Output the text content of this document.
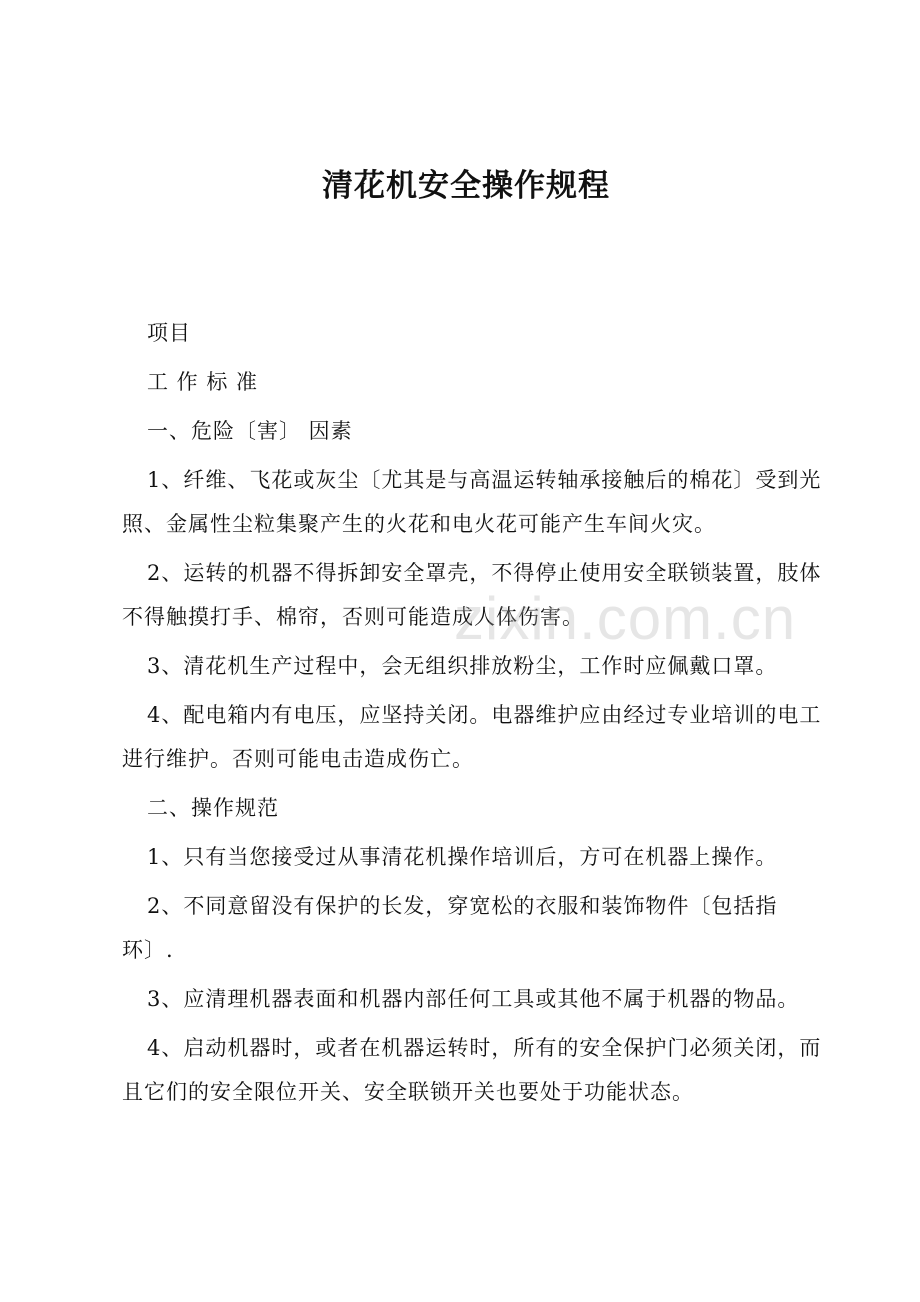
清花机安全操作规程

项目

工 作 标 准

一、危险〔害〕 因素

1、纤维、飞花或灰尘〔尤其是与高温运转轴承接触后的棉花〕受到光照、金属性尘粒集聚产生的火花和电火花可能产生车间火灾。

2、运转的机器不得拆卸安全罩壳，不得停止使用安全联锁装置，肢体不得触摸打手、棉帘，否则可能造成人体伤害。

3、清花机生产过程中，会无组织排放粉尘，工作时应佩戴口罩。

4、配电箱内有电压，应坚持关闭。电器维护应由经过专业培训的电工进行维护。否则可能电击造成伤亡。

二、操作规范

1、只有当您接受过从事清花机操作培训后，方可在机器上操作。

2、不同意留没有保护的长发，穿宽松的衣服和装饰物件〔包括指环〕.

3、应清理机器表面和机器内部任何工具或其他不属于机器的物品。

4、启动机器时，或者在机器运转时，所有的安全保护门必须关闭，而且它们的安全限位开关、安全联锁开关也要处于功能状态。

zixin.com.cn
